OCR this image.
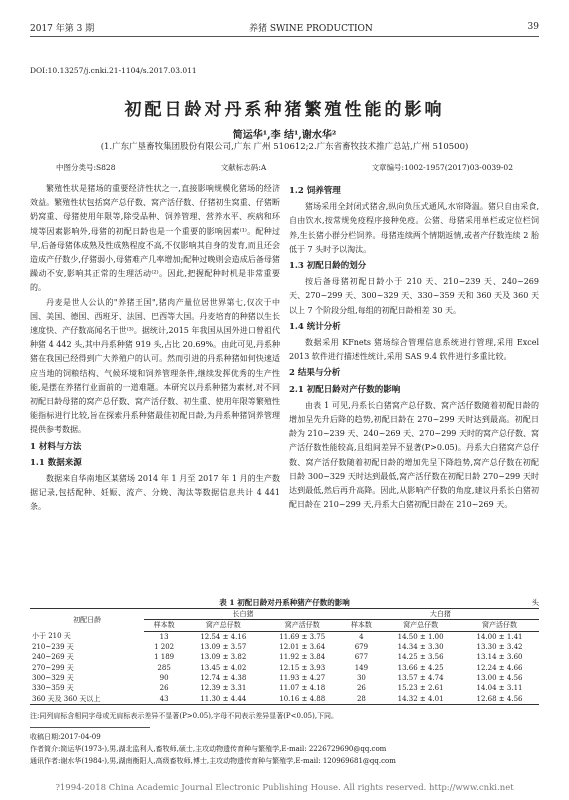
2017 年第 3 期	养猪 SWINE PRODUCTION	39
DOI:10.13257/j.cnki.21-1104/s.2017.03.011
初配日龄对丹系种猪繁殖性能的影响
简运华¹,李 结¹,谢水华²
(1.广东广垦畜牧集团股份有限公司,广东 广州 510612;2.广东省畜牧技术推广总站,广州 510500)
中图分类号:S828	文献标志码:A	文章编号:1002-1957(2017)03-0039-02

繁殖性状是猪场的重要经济性状之一,直接影响规模化猪场的经济效益。繁殖性状包括窝产总仔数、窝产活仔数、仔猪初生窝重、仔猪断奶窝重、母猪使用年限等,除受品种、饲养管理、营养水平、疾病和环境等因素影响外,母猪的初配日龄也是一个重要的影响因素⁽¹⁾。配种过早,后备母猪体成熟及性成熟程度不高,不仅影响其自身的发育,而且还会造成产仔数少,仔猪弱小,母猪难产几率增加;配种过晚则会造成后备母猪躁动不安,影响其正常的生理活动⁽²⁾。因此,把握配种时机是非常重要的。

丹麦是世人公认的"养猪王国",猪肉产量位居世界第七,仅次于中国、美国、德国、西班牙、法国、巴西等大国。丹麦培育的种猪以生长速度快、产仔数高闻名于世⁽³⁾。据统计,2015 年我国从国外进口曾祖代种猪 4 442 头,其中丹系种猪 919 头,占比 20.69%。由此可见,丹系种猪在我国已经得到广大养殖户的认可。然而引进的丹系种猪如何快速适应当地的饲粮结构、气候环境和饲养管理条件,继续发挥优秀的生产性能,是摆在养猪行业面前的一道难题。本研究以丹系种猪为素材,对不同初配日龄母猪的窝产总仔数、窝产活仔数、初生重、使用年限等繁殖性能指标进行比较,旨在探索丹系种猪最佳初配日龄,为丹系种猪饲养管理提供参考数据。

1 材料与方法
1.1 数据来源

数据来自华南地区某猪场 2014 年 1 月至 2017 年 1 月的生产数据记录,包括配种、妊娠、流产、分娩、淘汰等数据信息共计 4 441 条。

1.2 饲养管理

猪场采用全封闭式猪舍,纵向负压式通风,水帘降温。猪只自由采食,自由饮水,按常规免疫程序接种免疫。公猪、母猪采用单栏或定位栏饲养,生长猪小群分栏饲养。母猪连续两个情期返情,或者产仔数连续 2 胎低于 7 头时予以淘汰。

1.3 初配日龄的划分

按后备母猪初配日龄小于 210 天、210~239 天、240~269 天、270~299 天、300~329 天、330~359 天和 360 天及 360 天以上 7 个阶段分组,每组的初配日龄相差 30 天。

1.4 统计分析

数据采用 KFnets 猪场综合管理信息系统进行管理,采用 Excel 2013 软件进行描述性统计,采用 SAS 9.4 软件进行多重比较。

2 结果与分析
2.1 初配日龄对产仔数的影响

由表 1 可见,丹系长白猪窝产总仔数、窝产活仔数随着初配日龄的增加呈先升后降的趋势,初配日龄在 270~299 天时达到最高。初配日龄为 210~239 天、240~269 天、270~299 天时的窝产总仔数、窝产活仔数性能较高,且组间差异不显著(P>0.05)。丹系大白猪窝产总仔数、窝产活仔数随着初配日龄的增加先呈下降趋势,窝产总仔数在初配日龄 300~329 天时达到最低,窝产活仔数在初配日龄 270~299 天时达到最低,然后再升高降。因此,从影响产仔数的角度,建议丹系长白猪初配日龄在 210~299 天,丹系大白猪初配日龄在 210~269 天。

表 1 初配日龄对丹系种猪产仔数的影响	头
初配日龄	长白猪			大白猪		
	样本数	窝产总仔数	窝产活仔数	样本数	窝产总仔数	窝产活仔数
小于 210 天	13	12.54 ± 4.16	11.69 ± 3.75	4	14.50 ± 1.00	14.00 ± 1.41
210~239 天	1 202	13.09 ± 3.57	12.01 ± 3.64	679	14.34 ± 3.30	13.30 ± 3.42
240~269 天	1 189	13.09 ± 3.82	11.92 ± 3.84	677	14.25 ± 3.56	13.14 ± 3.60
270~299 天	285	13.45 ± 4.02	12.15 ± 3.93	149	13.66 ± 4.25	12.24 ± 4.66
300~329 天	90	12.74 ± 4.38	11.93 ± 4.27	30	13.57 ± 4.74	13.00 ± 4.56
330~359 天	26	12.39 ± 3.31	11.07 ± 4.18	26	15.23 ± 2.61	14.04 ± 3.11
360 天及 360 天以上	43	11.30 ± 4.44	10.16 ± 4.88	28	14.32 ± 4.01	12.68 ± 4.56
注:同列肩标含相同字母或无肩标表示差异不显著(P>0.05),字母不同表示差异显著(P<0.05),下同。
收稿日期:2017-04-09
作者简介:简运华(1973-),男,湖北监利人,畜牧师,硕士,主攻动物遗传育种与繁殖学,E-mail: 2226729690@qq.com
通讯作者:谢水华(1984-),男,湖南衡阳人,高级畜牧师,博士,主攻动物遗传育种与繁殖学,E-mail: 120969681@qq.com
?1994-2018 China Academic Journal Electronic Publishing House. All rights reserved. http://www.cnki.net
